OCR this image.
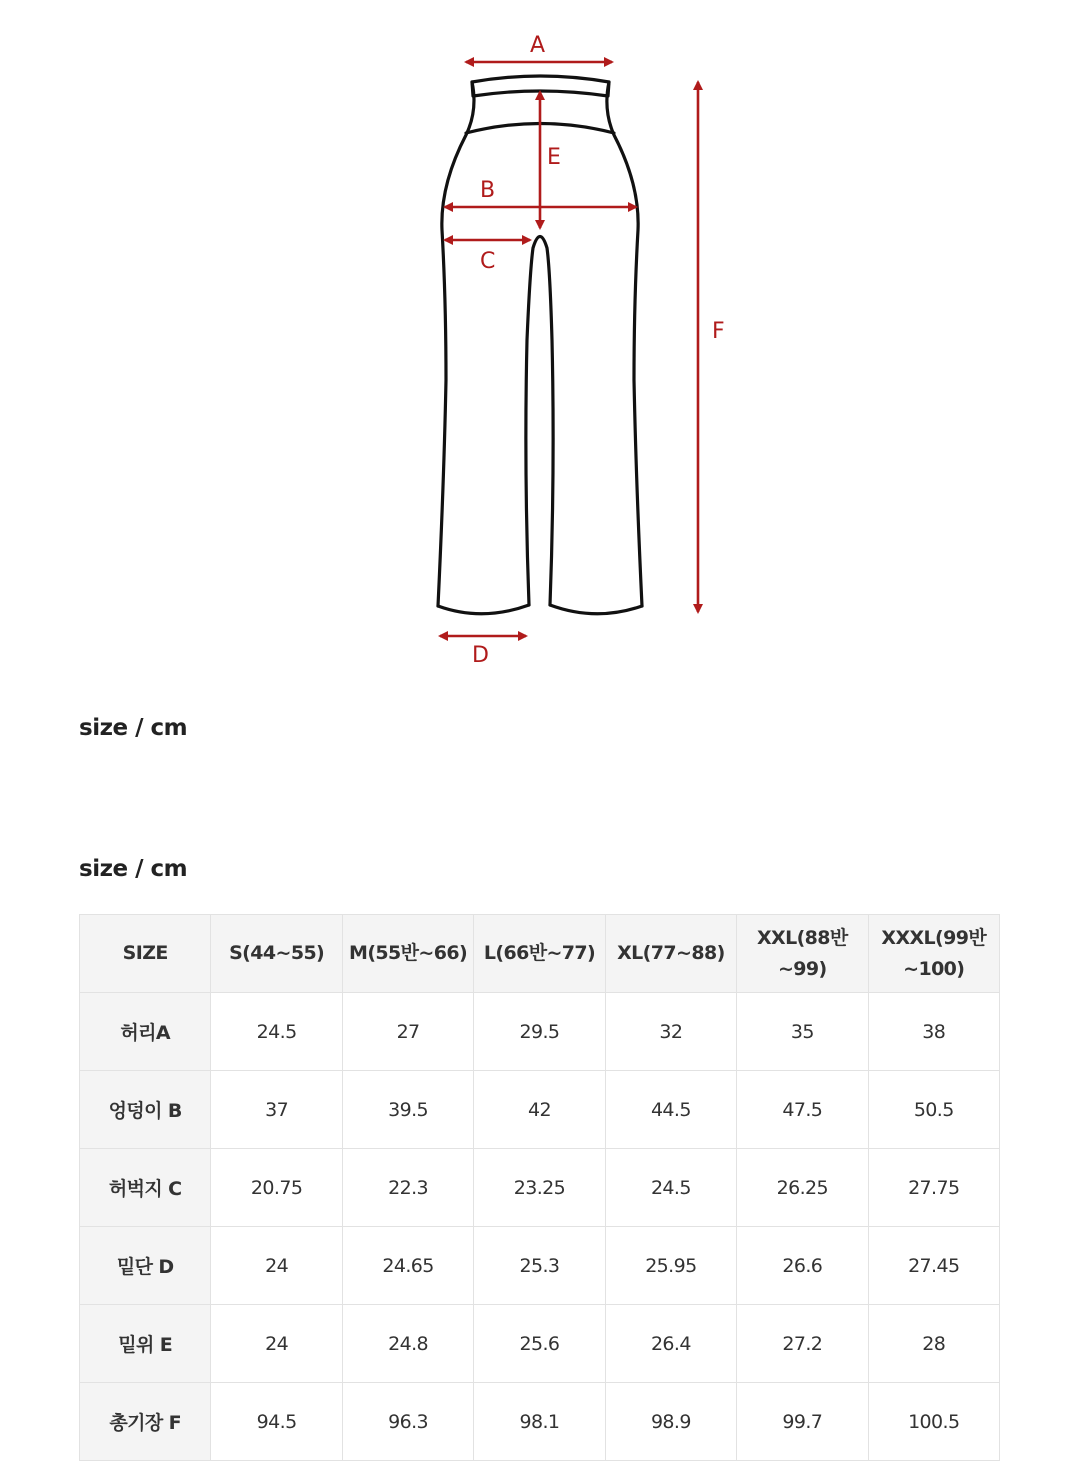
A
E
B
C
D
F
size / cm
size / cm
SIZE	S(44~55)	M(55반~66)	L(66반~77)	XL(77~88)	XXL(88반~99)	XXXL(99반 ~100)
허리A	24.5	27	29.5	32	35	38
엉덩이 B	37	39.5	42	44.5	47.5	50.5
허벅지 C	20.75	22.3	23.25	24.5	26.25	27.75
밑단 D	24	24.65	25.3	25.95	26.6	27.45
밑위 E	24	24.8	25.6	26.4	27.2	28
총기장 F	94.5	96.3	98.1	98.9	99.7	100.5
